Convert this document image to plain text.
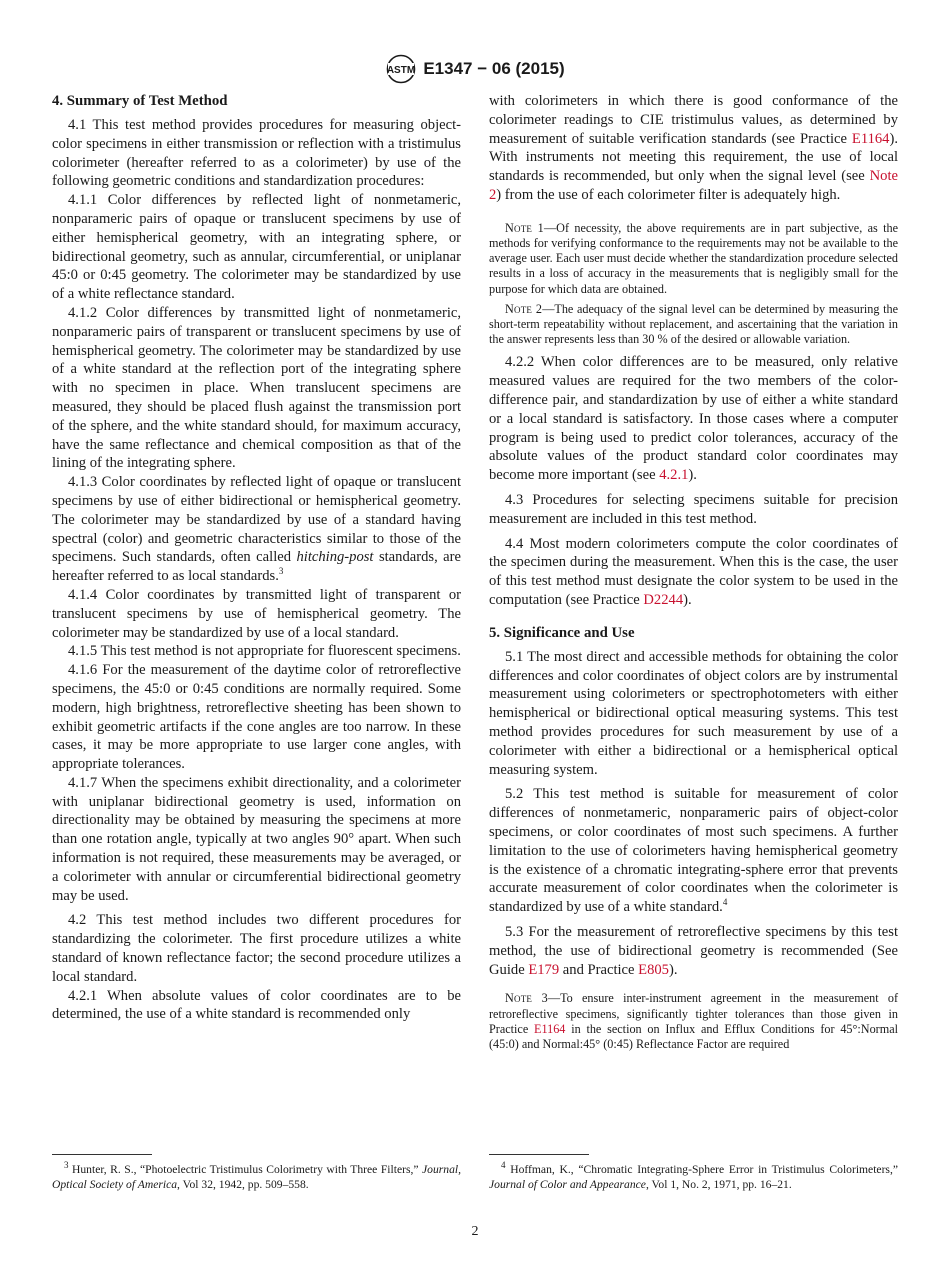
ASTM E1347 − 06 (2015)
4. Summary of Test Method

4.1 This test method provides procedures for measuring object-color specimens in either transmission or reflection with a tristimulus colorimeter (hereafter referred to as a colorimeter) by use of the following geometric conditions and standardization procedures:

4.1.1 Color differences by reflected light of nonmetameric, nonparameric pairs of opaque or translucent specimens by use of either hemispherical geometry, with an integrating sphere, or bidirectional geometry, such as annular, circumferential, or uniplanar 45:0 or 0:45 geometry. The colorimeter may be standardized by use of a white reflectance standard.

4.1.2 Color differences by transmitted light of nonmetameric, nonparameric pairs of transparent or translucent specimens by use of hemispherical geometry. The colorimeter may be standardized by use of a white standard at the reflection port of the integrating sphere with no specimen in place. When translucent specimens are measured, they should be placed flush against the transmission port of the sphere, and the white standard should, for maximum accuracy, have the same reflectance and chemical composition as that of the lining of the integrating sphere.

4.1.3 Color coordinates by reflected light of opaque or translucent specimens by use of either bidirectional or hemispherical geometry. The colorimeter may be standardized by use of a standard having spectral (color) and geometric characteristics similar to those of the specimens. Such standards, often called hitching-post standards, are hereafter referred to as local standards.$^3$

4.1.4 Color coordinates by transmitted light of transparent or translucent specimens by use of hemispherical geometry. The colorimeter may be standardized by use of a local standard.

4.1.5 This test method is not appropriate for fluorescent specimens.

4.1.6 For the measurement of the daytime color of retroreflective specimens, the 45:0 or 0:45 conditions are normally required. Some modern, high brightness, retroreflective sheeting has been shown to exhibit geometric artifacts if the cone angles are too narrow. In these cases, it may be more appropriate to use larger cone angles, with appropriate tolerances.

4.1.7 When the specimens exhibit directionality, and a colorimeter with uniplanar bidirectional geometry is used, information on directionality may be obtained by measuring the specimens at more than one rotation angle, typically at two angles 90° apart. When such information is not required, these measurements may be averaged, or a colorimeter with annular or circumferential bidirectional geometry may be used.

4.2 This test method includes two different procedures for standardizing the colorimeter. The first procedure utilizes a white standard of known reflectance factor; the second procedure utilizes a local standard.

4.2.1 When absolute values of color coordinates are to be determined, the use of a white standard is recommended only

with colorimeters in which there is good conformance of the colorimeter readings to CIE tristimulus values, as determined by measurement of suitable verification standards (see Practice E1164). With instruments not meeting this requirement, the use of local standards is recommended, but only when the signal level (see Note 2) from the use of each colorimeter filter is adequately high.

Note 1—Of necessity, the above requirements are in part subjective, as the methods for verifying conformance to the requirements may not be available to the average user. Each user must decide whether the standardization procedure selected results in a loss of accuracy in the measurements that is negligibly small for the purpose for which data are obtained.
Note 2—The adequacy of the signal level can be determined by measuring the short-term repeatability without replacement, and ascertaining that the variation in the answer represents less than 30 % of the desired or allowable variation.

4.2.2 When color differences are to be measured, only relative measured values are required for the two members of the color-difference pair, and standardization by use of either a white standard or a local standard is satisfactory. In those cases where a computer program is being used to predict color tolerances, accuracy of the absolute values of the product standard color coordinates may become more important (see 4.2.1).

4.3 Procedures for selecting specimens suitable for precision measurement are included in this test method.

4.4 Most modern colorimeters compute the color coordinates of the specimen during the measurement. When this is the case, the user of this test method must designate the color system to be used in the computation (see Practice D2244).

5. Significance and Use

5.1 The most direct and accessible methods for obtaining the color differences and color coordinates of object colors are by instrumental measurement using colorimeters or spectrophotometers with either hemispherical or bidirectional optical measuring systems. This test method provides procedures for such measurement by use of a colorimeter with either a bidirectional or a hemispherical optical measuring system.

5.2 This test method is suitable for measurement of color differences of nonmetameric, nonparameric pairs of object-color specimens, or color coordinates of most such specimens. A further limitation to the use of colorimeters having hemispherical geometry is the existence of a chromatic integrating-sphere error that prevents accurate measurement of color coordinates when the colorimeter is standardized by use of a white standard.$^4$

5.3 For the measurement of retroreflective specimens by this test method, the use of bidirectional geometry is recommended (See Guide E179 and Practice E805).

Note 3—To ensure inter-instrument agreement in the measurement of retroreflective specimens, significantly tighter tolerances than those given in Practice E1164 in the section on Influx and Efflux Conditions for 45°:Normal (45:0) and Normal:45° (0:45) Reflectance Factor are required
$^3$ Hunter, R. S., “Photoelectric Tristimulus Colorimetry with Three Filters,” Journal, Optical Society of America, Vol 32, 1942, pp. 509–558.
$^4$ Hoffman, K., “Chromatic Integrating-Sphere Error in Tristimulus Colorimeters,” Journal of Color and Appearance, Vol 1, No. 2, 1971, pp. 16–21.
2
